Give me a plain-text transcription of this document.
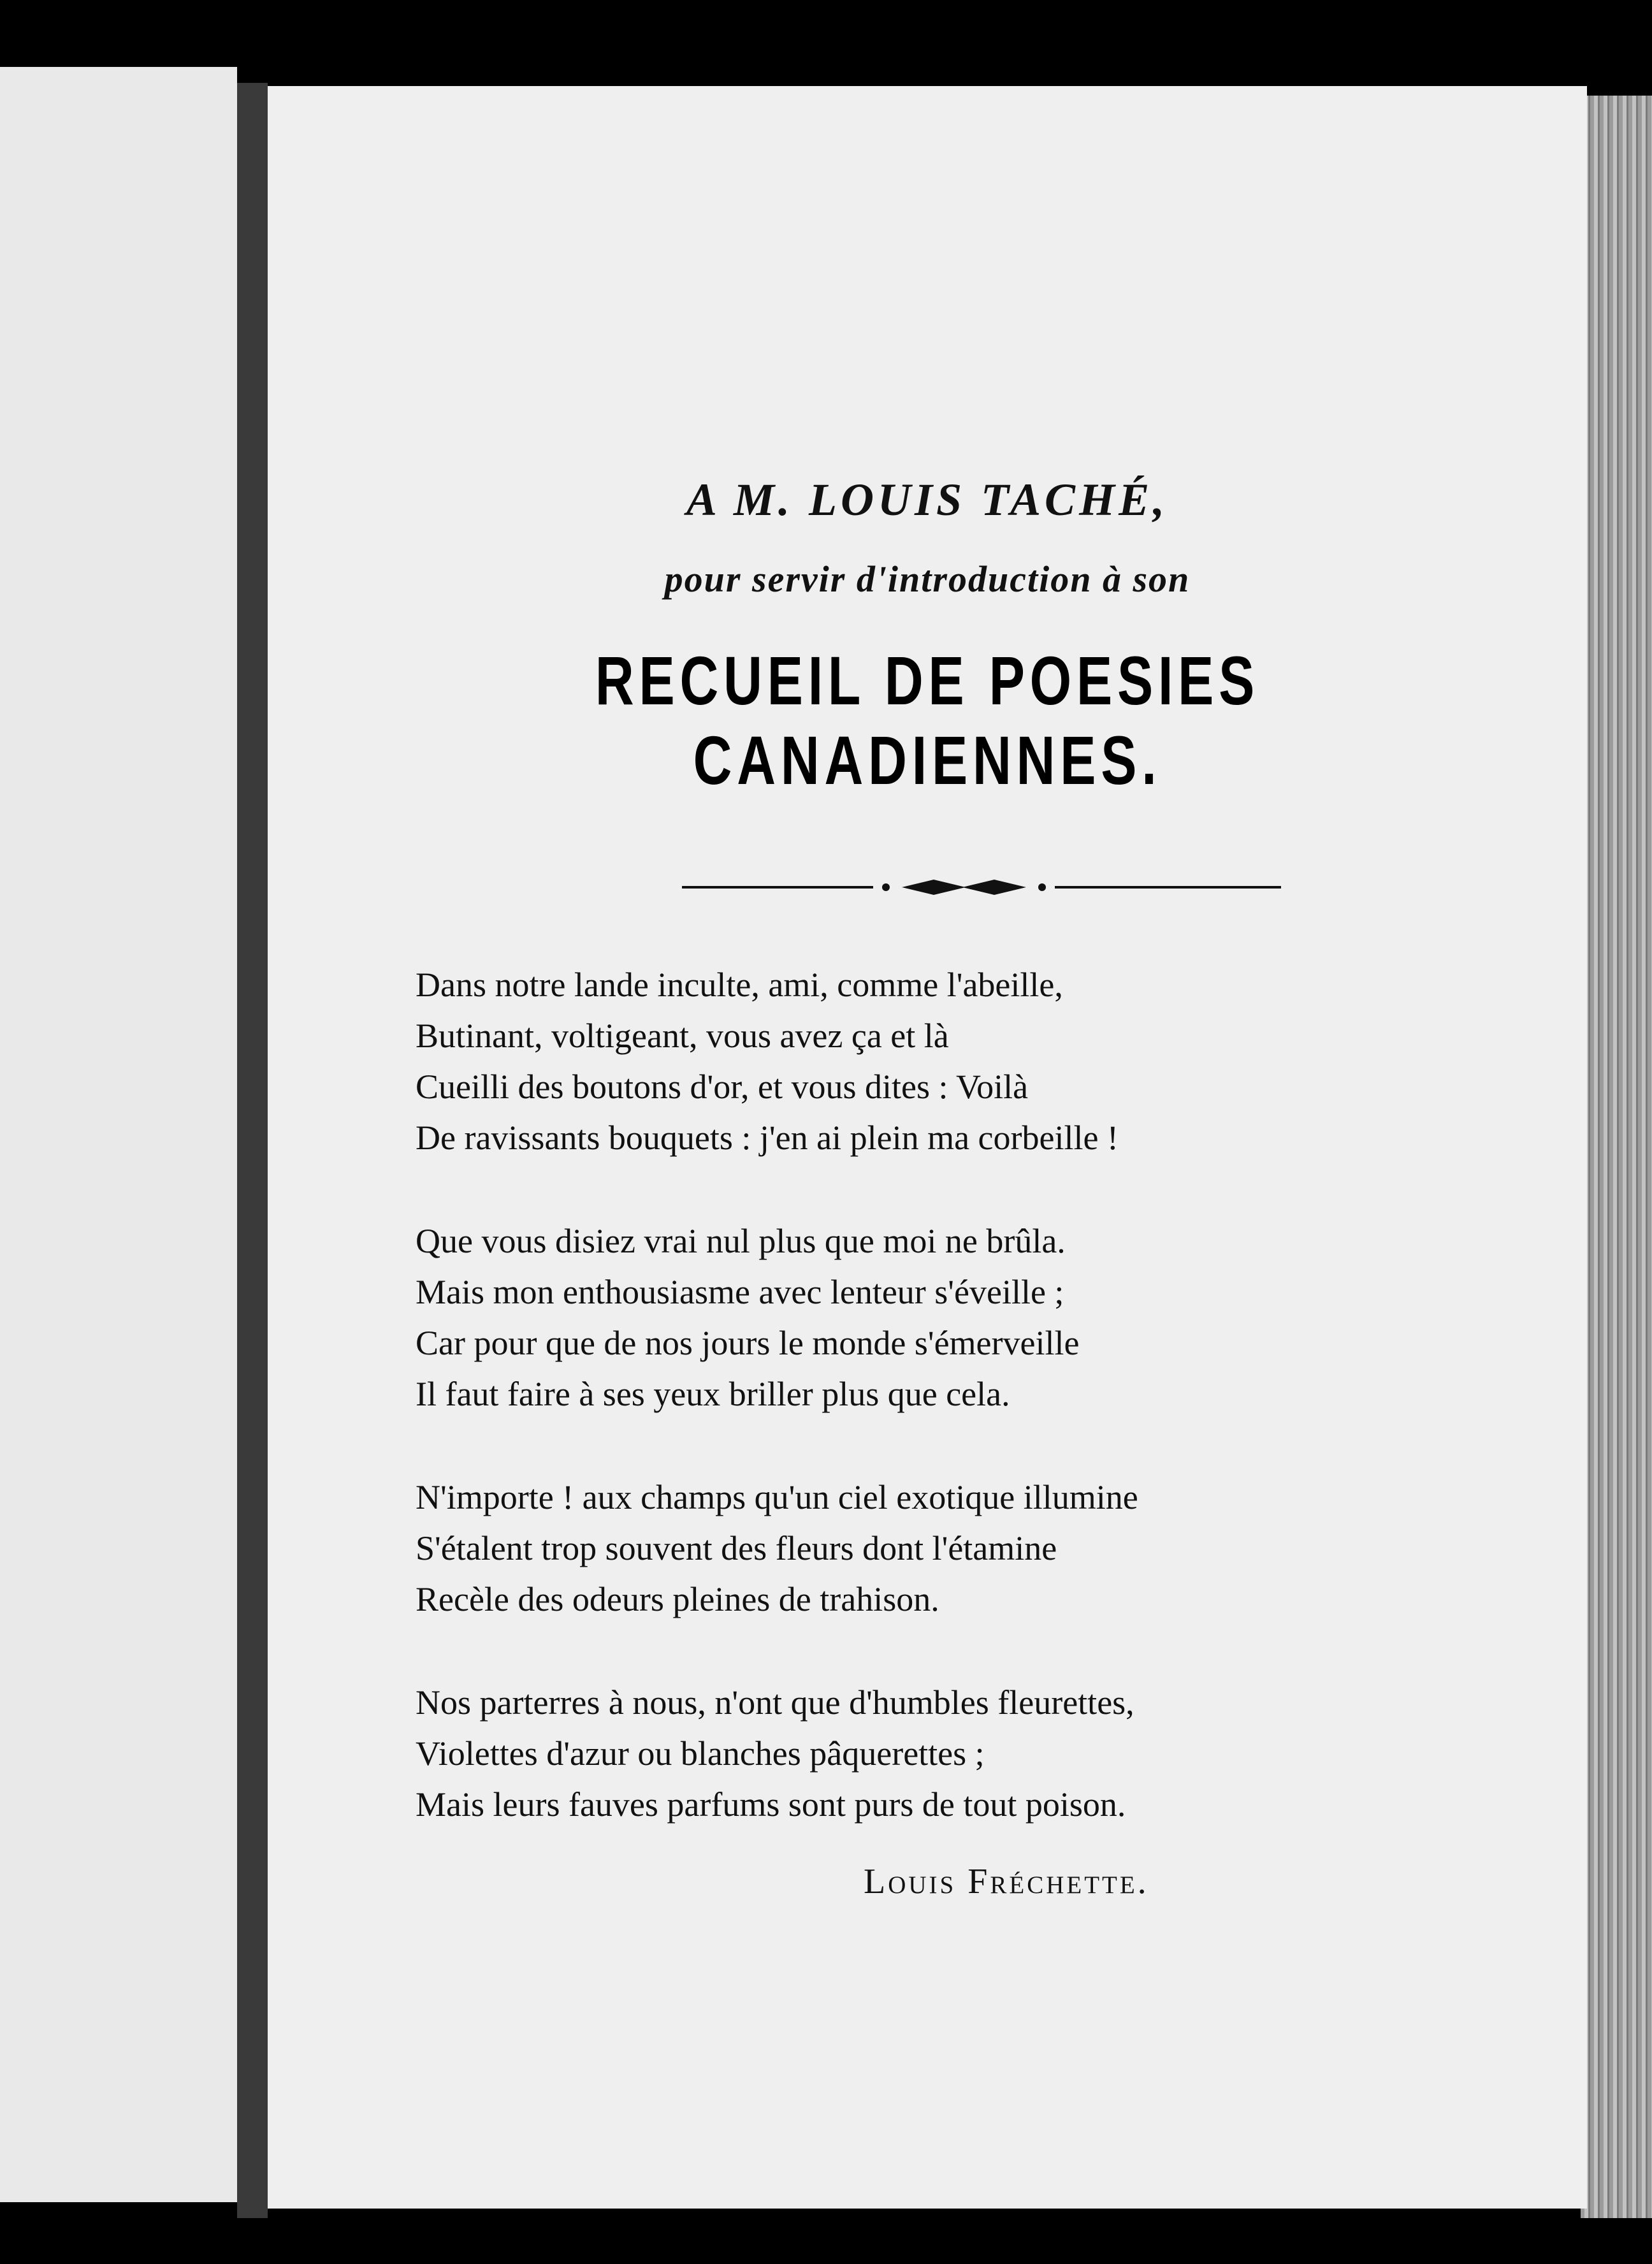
A M. LOUIS TACHÉ,
pour servir d'introduction à son
RECUEIL DE POESIES CANADIENNES.
Dans notre lande inculte, ami, comme l'abeille,
Butinant, voltigeant, vous avez ça et là
Cueilli des boutons d'or, et vous dites : Voilà
De ravissants bouquets : j'en ai plein ma corbeille !
Que vous disiez vrai nul plus que moi ne brûla.
Mais mon enthousiasme avec lenteur s'éveille ;
Car pour que de nos jours le monde s'émerveille
Il faut faire à ses yeux briller plus que cela.
N'importe ! aux champs qu'un ciel exotique illumine
S'étalent trop souvent des fleurs dont l'étamine
Recèle des odeurs pleines de trahison.
Nos parterres à nous, n'ont que d'humbles fleurettes,
Violettes d'azur ou blanches pâquerettes ;
Mais leurs fauves parfums sont purs de tout poison.
Louis Fréchette.
